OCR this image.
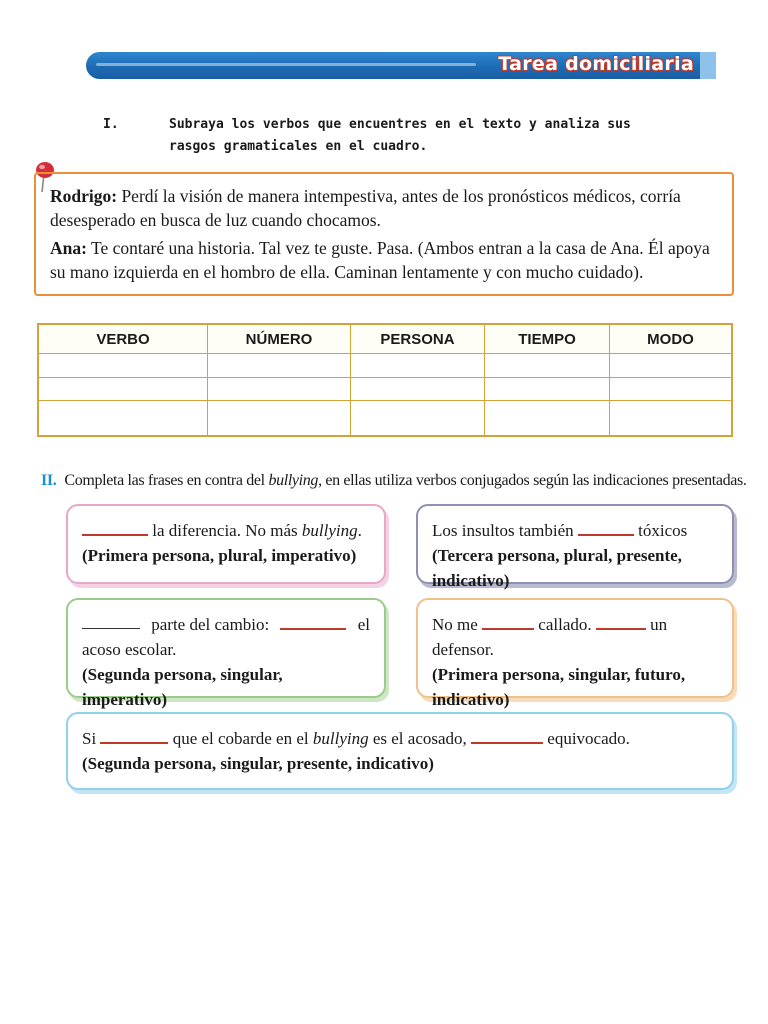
Tarea domiciliaria
I.	Subraya los verbos que encuentres en el texto y analiza sus rasgos gramaticales en el cuadro.

Rodrigo: Perdí la visión de manera intempestiva, antes de los pronósticos médicos, corría desesperado en busca de luz cuando chocamos.

Ana: Te contaré una historia. Tal vez te guste. Pasa. (Ambos entran a la casa de Ana. Él apoya su mano izquierda en el hombro de ella. Caminan lentamente y con mucho cuidado).

VERBO	NÚMERO	PERSONA	TIEMPO	MODO

II. Completa las frases en contra del bullying, en ellas utiliza verbos conjugados según las indicaciones presentadas.
la diferencia. No más bullying.
(Primera persona, plural, imperativo)
Los insultos también	tóxicos
(Tercera persona, plural, presente, indicativo)
parte del cambio:	el
acoso escolar.
(Segunda persona, singular, imperativo)
No me	callado.	un defensor.
(Primera persona, singular, futuro, indicativo)
Si	que el cobarde en el bullying es el acosado,	equivocado.
(Segunda persona, singular, presente, indicativo)
